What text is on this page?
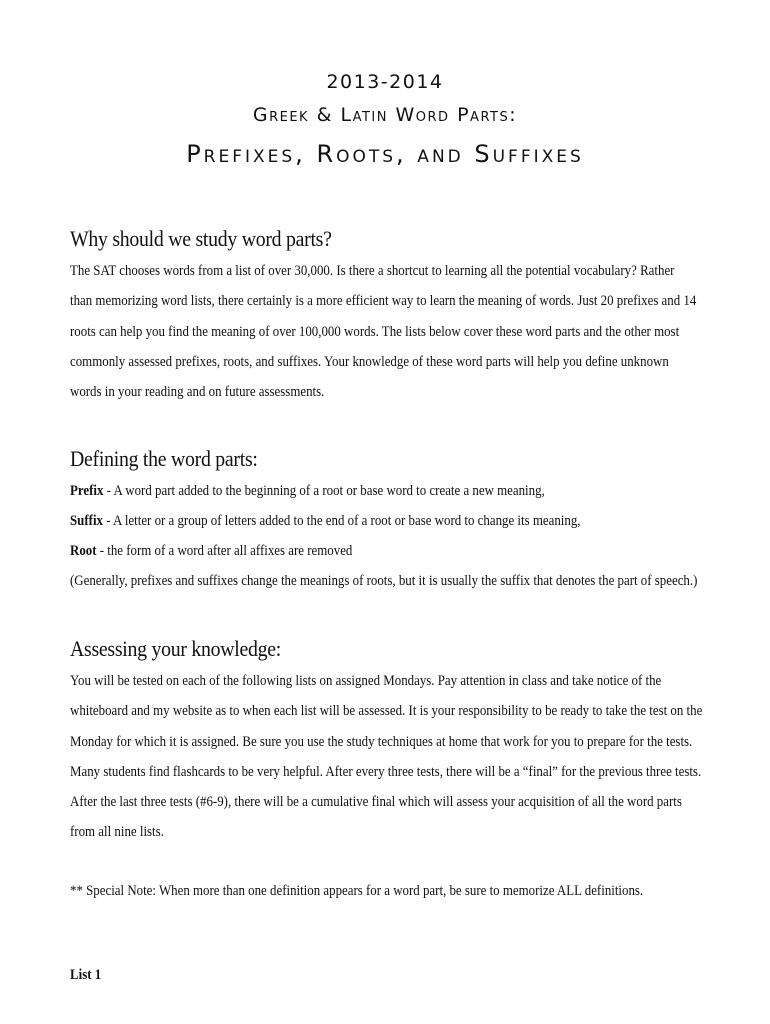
2013-2014
Greek & Latin Word Parts:
Prefixes, Roots, and Suffixes
Why should we study word parts?

The SAT chooses words from a list of over 30,000. Is there a shortcut to learning all the potential vocabulary? Rather
than memorizing word lists, there certainly is a more efficient way to learn the meaning of words. Just 20 prefixes and 14
roots can help you find the meaning of over 100,000 words. The lists below cover these word parts and the other most
commonly assessed prefixes, roots, and suffixes. Your knowledge of these word parts will help you define unknown
words in your reading and on future assessments.

Defining the word parts:
Prefix - A word part added to the beginning of a root or base word to create a new meaning,
Suffix - A letter or a group of letters added to the end of a root or base word to change its meaning,
Root - the form of a word after all affixes are removed
(Generally, prefixes and suffixes change the meanings of roots, but it is usually the suffix that denotes the part of speech.)
Assessing your knowledge:

You will be tested on each of the following lists on assigned Mondays. Pay attention in class and take notice of the
whiteboard and my website as to when each list will be assessed. It is your responsibility to be ready to take the test on the
Monday for which it is assigned. Be sure you use the study techniques at home that work for you to prepare for the tests.
Many students find flashcards to be very helpful. After every three tests, there will be a “final” for the previous three tests.
After the last three tests (#6-9), there will be a cumulative final which will assess your acquisition of all the word parts
from all nine lists.

** Special Note: When more than one definition appears for a word part, be sure to memorize ALL definitions.
List 1
